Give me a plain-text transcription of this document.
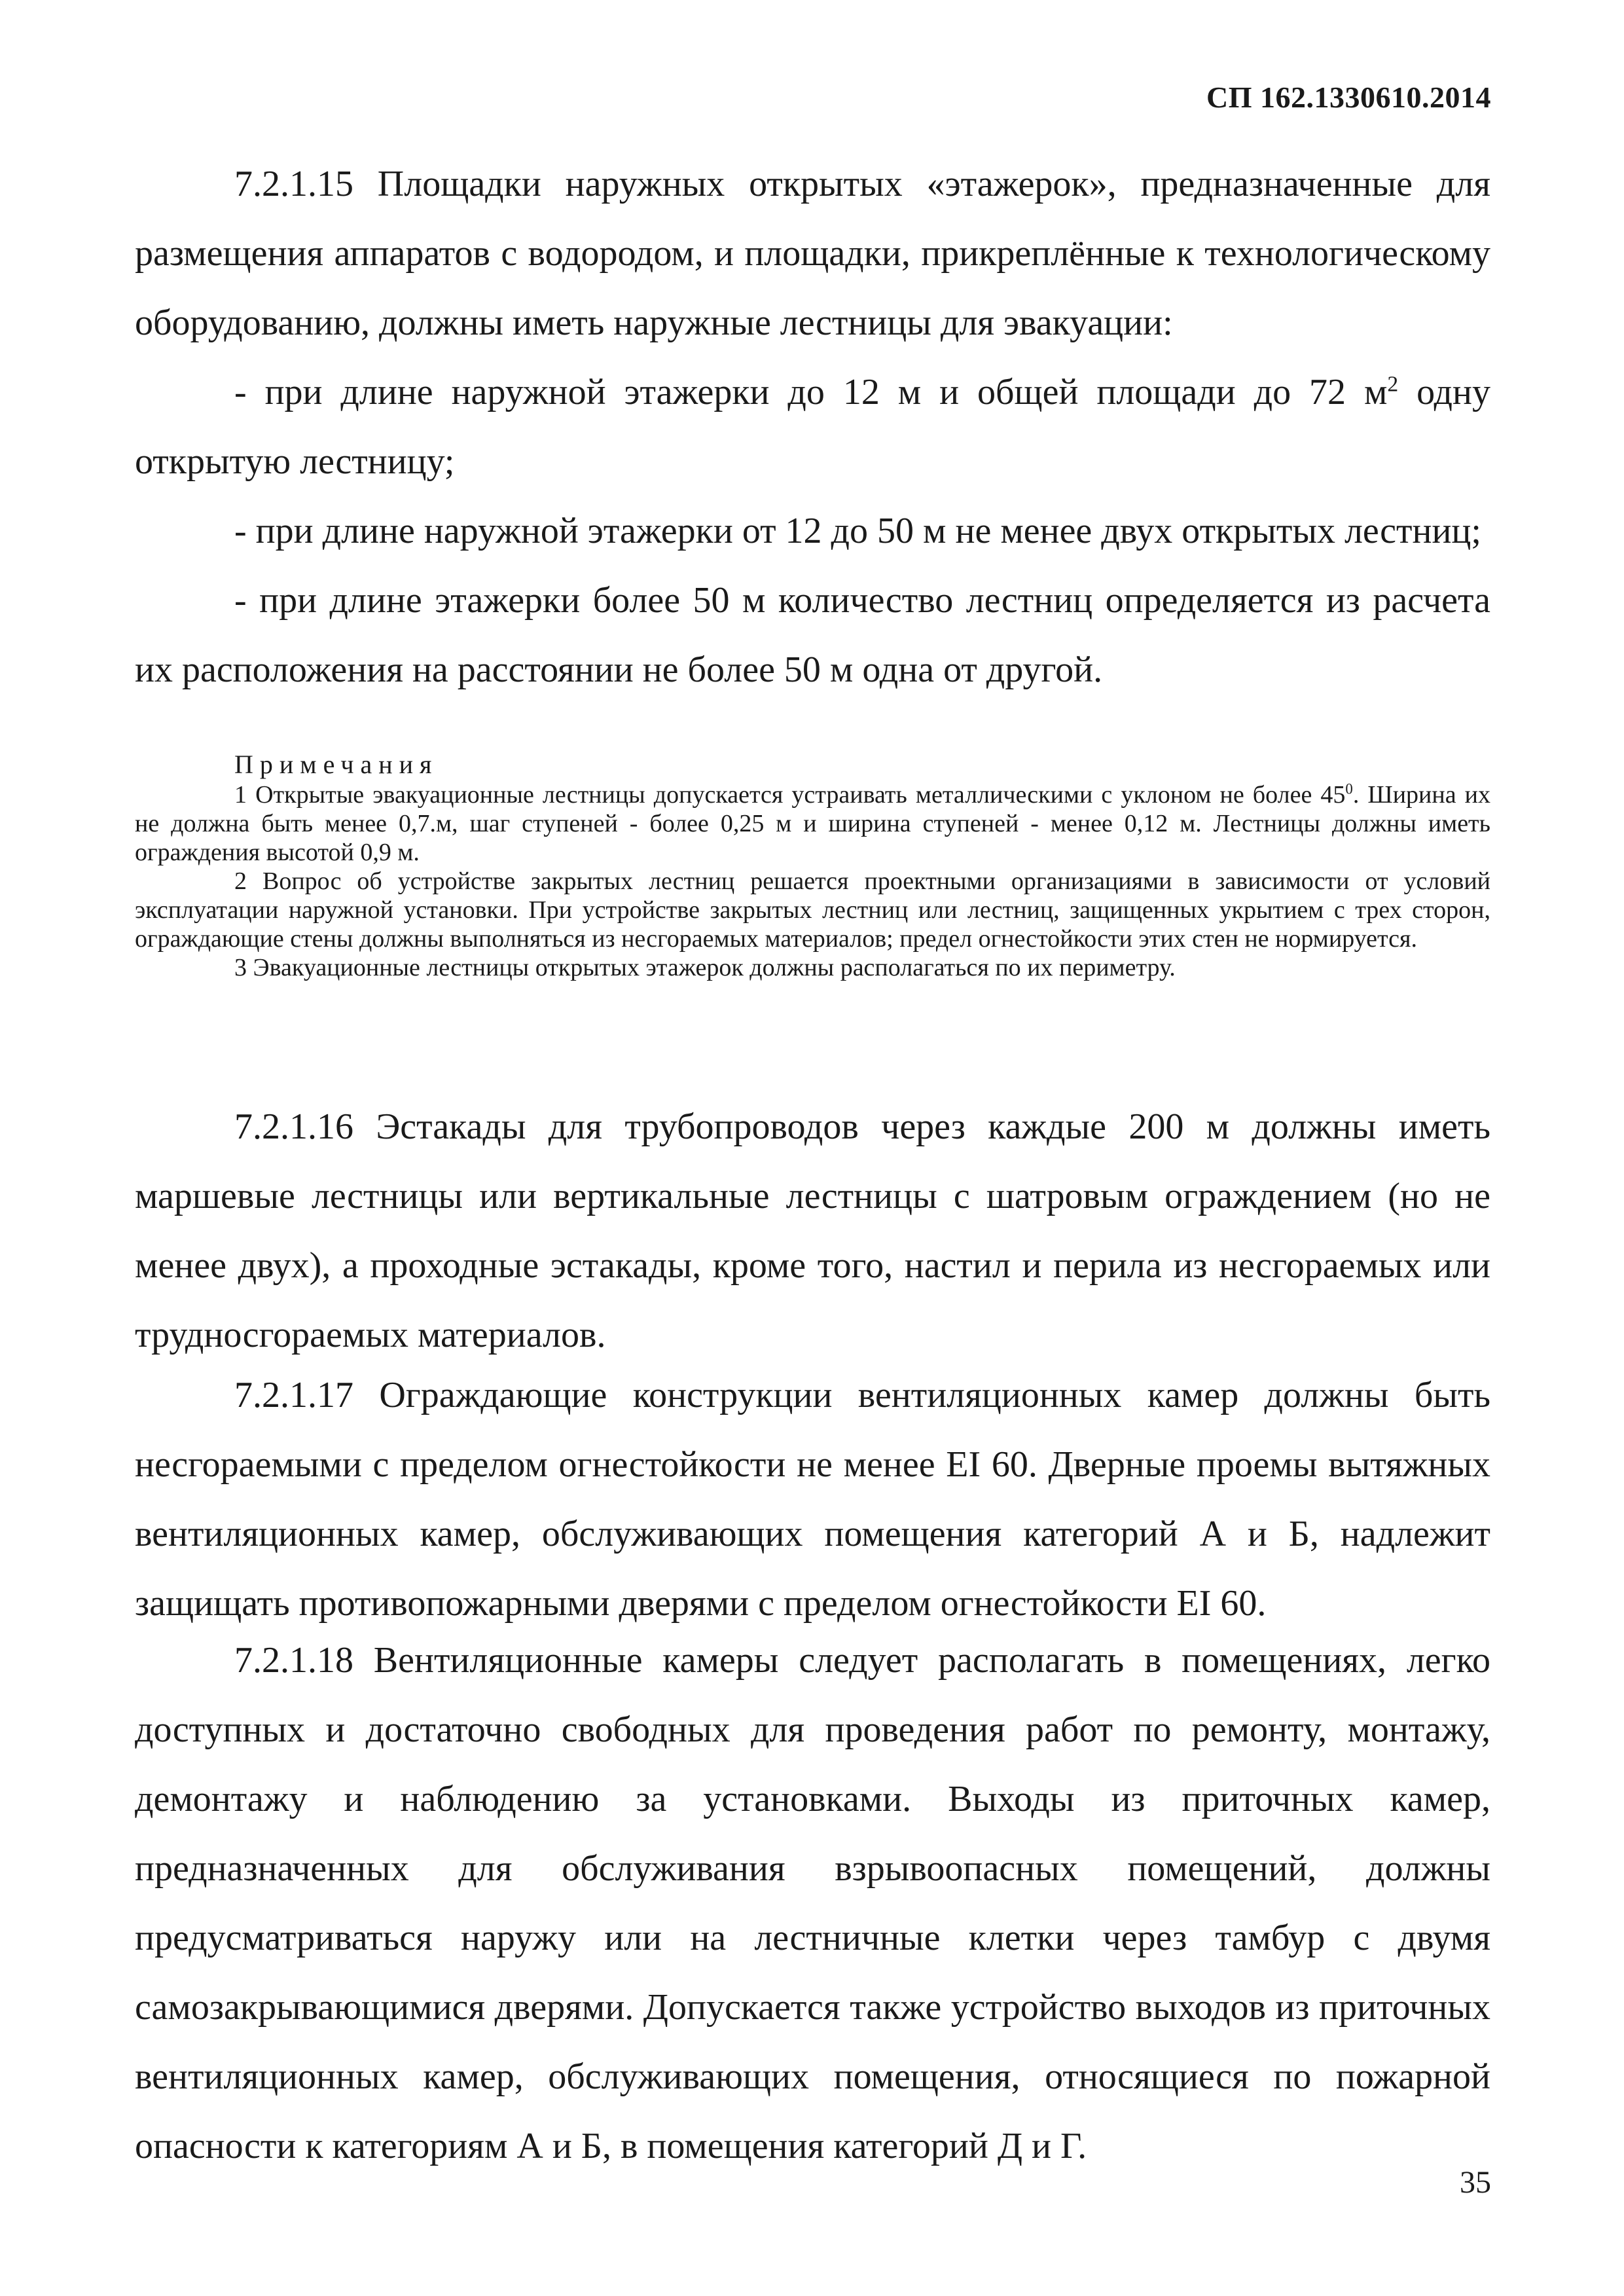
СП 162.1330610.2014

7.2.1.15 Площадки наружных открытых «этажерок», предназначенные для размещения аппаратов с водородом, и площадки, прикреплённые к технологическому оборудованию, должны иметь наружные лестницы для эвакуации:

- при длине наружной этажерки до 12 м и общей площади до 72 $м^2$ одну открытую лестницу;

- при длине наружной этажерки от 12 до 50 м не менее двух открытых лестниц;

- при длине этажерки более 50 м количество лестниц определяется из расчета их расположения на расстоянии не более 50 м одна от другой.

Примечания

1 Открытые эвакуационные лестницы допускается устраивать металлическими с уклоном не более $45^0$. Ширина их не должна быть менее 0,7.м, шаг ступеней - более 0,25 м и ширина ступеней - менее 0,12 м. Лестницы должны иметь ограждения высотой 0,9 м.

2 Вопрос об устройстве закрытых лестниц решается проектными организациями в зависимости от условий эксплуатации наружной установки. При устройстве закрытых лестниц или лестниц, защищенных укрытием с трех сторон, ограждающие стены должны выполняться из несгораемых материалов; предел огнестойкости этих стен не нормируется.

3 Эвакуационные лестницы открытых этажерок должны располагаться по их периметру.

7.2.1.16 Эстакады для трубопроводов через каждые 200 м должны иметь маршевые лестницы или вертикальные лестницы с шатровым ограждением (но не менее двух), а проходные эстакады, кроме того, настил и перила из несгораемых или трудносгораемых материалов.

7.2.1.17 Ограждающие конструкции вентиляционных камер должны быть несгораемыми с пределом огнестойкости не менее EI 60. Дверные проемы вытяжных вентиляционных камер, обслуживающих помещения категорий А и Б, надлежит защищать противопожарными дверями с пределом огнестойкости EI 60.

7.2.1.18 Вентиляционные камеры следует располагать в помещениях, легко доступных и достаточно свободных для проведения работ по ремонту, монтажу, демонтажу и наблюдению за установками. Выходы из приточных камер, предназначенных для обслуживания взрывоопасных помещений, должны предусматриваться наружу или на лестничные клетки через тамбур с двумя самозакрывающимися дверями. Допускается также устройство выходов из приточных вентиляционных камер, обслуживающих помещения, относящиеся по пожарной опасности к категориям А и Б, в помещения категорий Д и Г.

35
